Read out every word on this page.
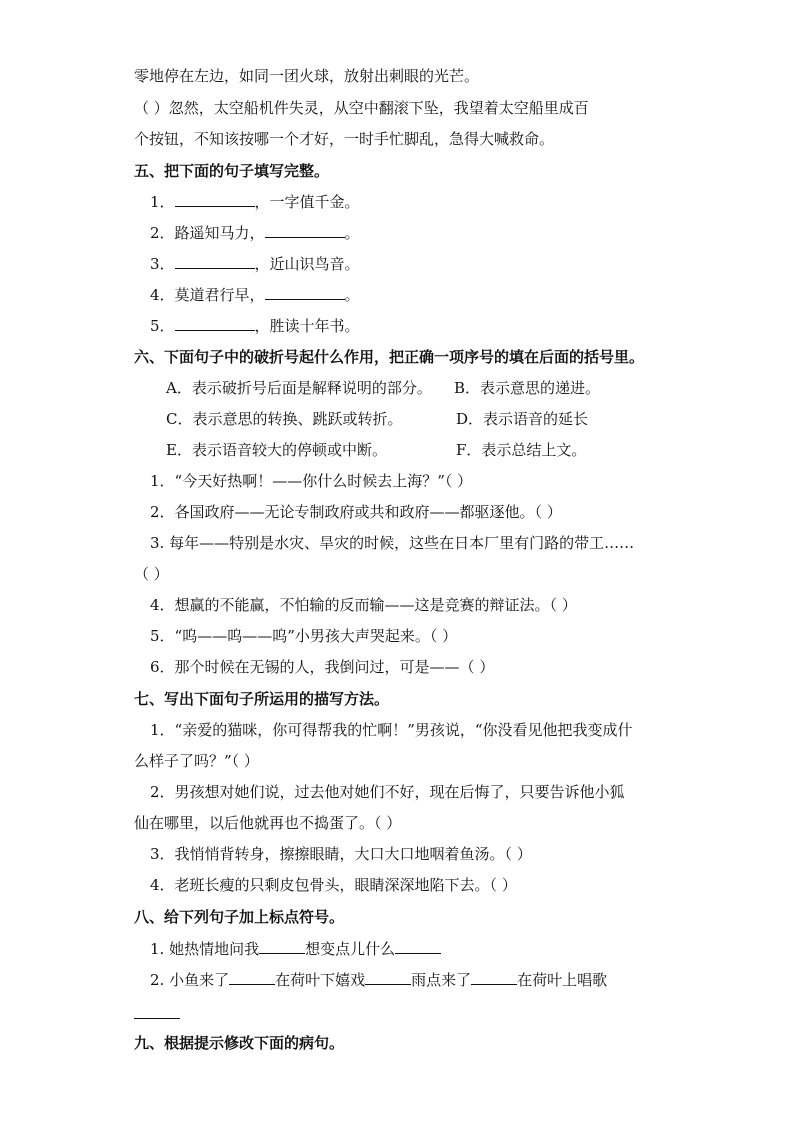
零地停在左边，如同一团火球，放射出刺眼的光芒。
（ ）忽然，太空船机件失灵，从空中翻滚下坠，我望着太空船里成百
个按钮，不知该按哪一个才好，一时手忙脚乱，急得大喊救命。
五、把下面的句子填写完整。
1．	，一字值千金。
2．路遥知马力，	。
3．	，近山识鸟音。
4．莫道君行早，	。
5．	，胜读十年书。
六、下面句子中的破折号起什么作用，把正确一项序号的填在后面的括号里。
A．表示破折号后面是解释说明的部分。 B．表示意思的递进。
C．表示意思的转换、跳跃或转折。	D．表示语音的延长
E．表示语音较大的停顿或中断。	F．表示总结上文。
1．“今天好热啊！——你什么时候去上海？”（ ）
2．各国政府——无论专制政府或共和政府——都驱逐他。（ ）
3. 每年——特别是水灾、旱灾的时候，这些在日本厂里有门路的带工……
（ ）
4．想赢的不能赢，不怕输的反而输——这是竞赛的辩证法。（ ）
5．“呜——呜——呜”小男孩大声哭起来。（ ）
6．那个时候在无锡的人，我倒问过，可是——（ ）
七、写出下面句子所运用的描写方法。
1．“亲爱的猫咪，你可得帮我的忙啊！”男孩说，“你没看见他把我变成什
么样子了吗？”（ ）
2．男孩想对她们说，过去他对她们不好，现在后悔了，只要告诉他小狐
仙在哪里，以后他就再也不捣蛋了。（ ）
3．我悄悄背转身，擦擦眼睛，大口大口地咽着鱼汤。（ ）
4．老班长瘦的只剩皮包骨头，眼睛深深地陷下去。（ ）
八、给下列句子加上标点符号。
1. 她热情地问我	想变点儿什么
2. 小鱼来了	在荷叶下嬉戏	雨点来了	在荷叶上唱歌
九、根据提示修改下面的病句。
